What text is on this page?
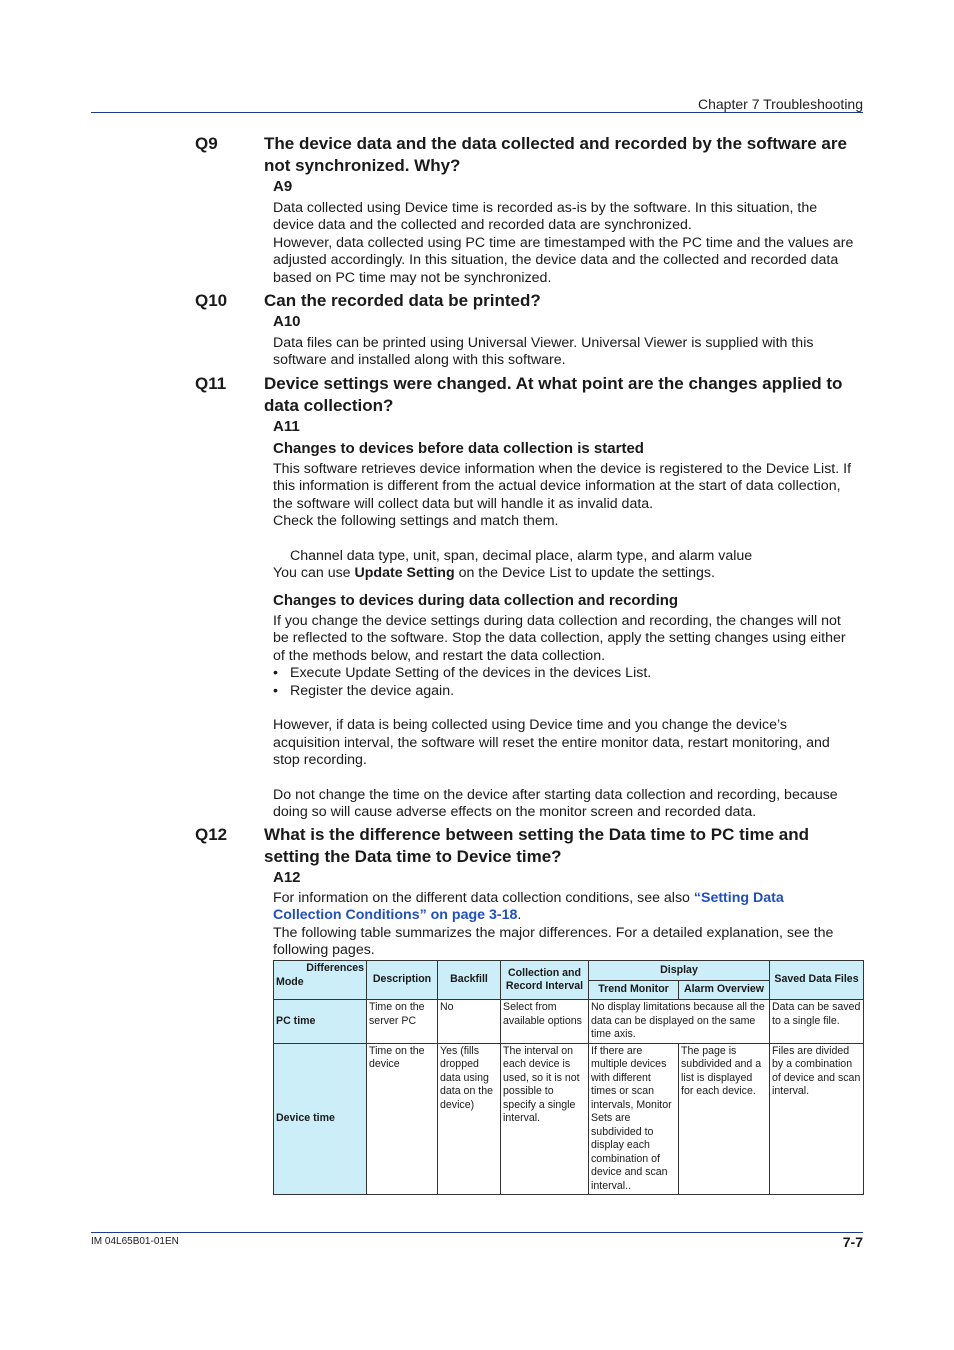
Chapter 7 Troubleshooting
Q9	The device data and the data collected and recorded by the software are not synchronized. Why?
A9
Data collected using Device time is recorded as-is by the software. In this situation, the
device data and the collected and recorded data are synchronized.
However, data collected using PC time are timestamped with the PC time and the values are
adjusted accordingly. In this situation, the device data and the collected and recorded data
based on PC time may not be synchronized.
Q10 Can the recorded data be printed?
A10
Data files can be printed using Universal Viewer. Universal Viewer is supplied with this
software and installed along with this software.
Q11 Device settings were changed. At what point are the changes applied to data collection?
A11
Changes to devices before data collection is started
This software retrieves device information when the device is registered to the Device List. If
this information is different from the actual device information at the start of data collection,
the software will collect data but will handle it as invalid data.
Check the following settings and match them.

Channel data type, unit, span, decimal place, alarm type, and alarm value
You can use Update Setting on the Device List to update the settings.
Changes to devices during data collection and recording
If you change the device settings during data collection and recording, the changes will not
be reflected to the software. Stop the data collection, apply the setting changes using either
of the methods below, and restart the data collection.
• Execute Update Setting of the devices in the devices List.
• Register the device again.

However, if data is being collected using Device time and you change the device’s
acquisition interval, the software will reset the entire monitor data, restart monitoring, and
stop recording.

Do not change the time on the device after starting data collection and recording, because
doing so will cause adverse effects on the monitor screen and recorded data.
Q12 What is the difference between setting the Data time to PC time and setting the Data time to Device time?
A12
For information on the different data collection conditions, see also “Setting Data
Collection Conditions” on page 3-18.
The following table summarizes the major differences. For a detailed explanation, see the
following pages.
Differences
Mode	Description	Backfill	Collection and Record Interval	Display		Saved Data Files
				Trend Monitor	Alarm Overview	
PC time	Time on the server PC	No	Select from available options	No display limitations because all the data can be displayed on the same time axis.		Data can be saved to a single file.
Device time	Time on the device	Yes (fills dropped data using data on the device)	The interval on each device is used, so it is not possible to specify a single interval.	If there are multiple devices with different times or scan intervals, Monitor Sets are subdivided to display each combination of device and scan interval..	The page is subdivided and a list is displayed for each device.	Files are divided by a combination of device and scan interval.
IM 04L65B01-01EN	7-7
